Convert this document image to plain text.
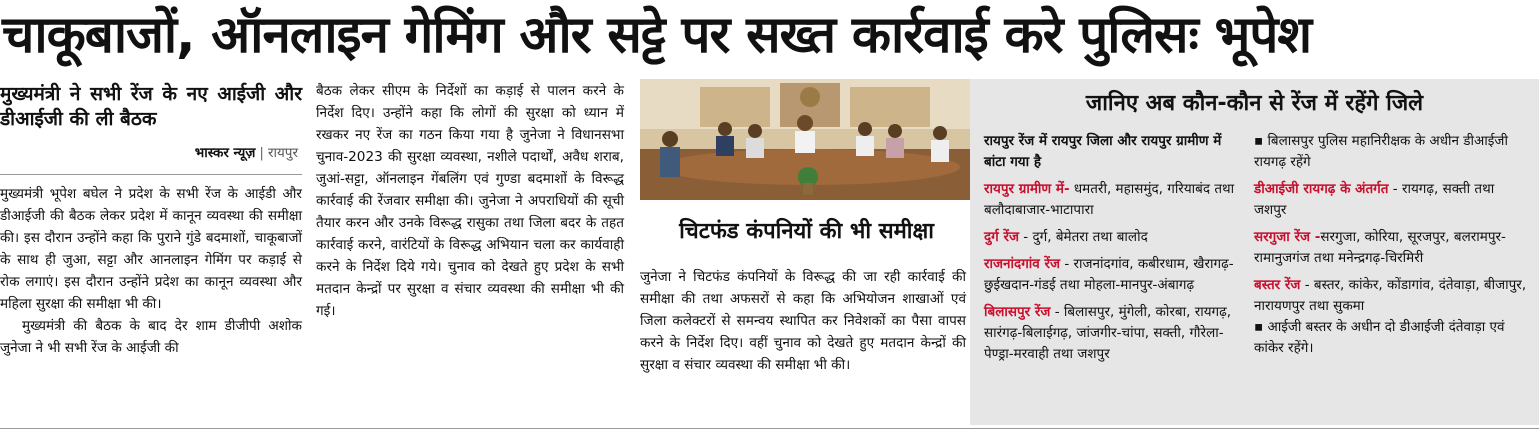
चाकूबाजों, ऑनलाइन गेमिंग और सट्टे पर सख्त कार्रवाई करे पुलिसः भूपेश
मुख्यमंत्री ने सभी रेंज के नए आईजी और डीआईजी की ली बैठक
भास्कर न्यूज़ | रायपुर
मुख्यमंत्री भूपेश बघेल ने प्रदेश के सभी रेंज के आईडी और डीआईजी की बैठक लेकर प्रदेश में कानून व्यवस्था की समीक्षा की। इस दौरान उन्होंने कहा कि पुराने गुंडे बदमाशों, चाकूबाजों के साथ ही जुआ, सट्टा और आनलाइन गेमिंग पर कड़ाई से रोक लगाएं। इस दौरान उन्होंने प्रदेश का कानून व्यवस्था और महिला सुरक्षा की समीक्षा भी की।
मुख्यमंत्री की बैठक के बाद देर शाम डीजीपी अशोक जुनेजा ने भी सभी रेंज के आईजी की
बैठक लेकर सीएम के निर्देशों का कड़ाई से पालन करने के निर्देश दिए। उन्होंने कहा कि लोगों की सुरक्षा को ध्यान में रखकर नए रेंज का गठन किया गया है जुनेजा ने विधानसभा चुनाव-2023 की सुरक्षा व्यवस्था, नशीले पदार्थों, अवैध शराब, जुआं-सट्टा, ऑनलाइन गेंबलिंग एवं गुण्डा बदमाशों के विरूद्ध कार्रवाई की रेंजवार समीक्षा की। जुनेजा ने अपराधियों की सूची तैयार करन और उनके विरूद्ध रासुका तथा जिला बदर के तहत कार्रवाई करने, वारंटियों के विरूद्ध अभियान चला कर कार्यवाही करने के निर्देश दिये गये। चुनाव को देखते हुए प्रदेश के सभी मतदान केन्द्रों पर सुरक्षा व संचार व्यवस्था की समीक्षा भी की गई।
चिटफंड कंपनियों की भी समीक्षा
जुनेजा ने चिटफंड कंपनियों के विरूद्ध की जा रही कार्रवाई की समीक्षा की तथा अफसरों से कहा कि अभियोजन शाखाओं एवं जिला कलेक्टरों से समन्वय स्थापित कर निवेशकों का पैसा वापस करने के निर्देश दिए। वहीं चुनाव को देखते हुए मतदान केन्द्रों की सुरक्षा व संचार व्यवस्था की समीक्षा भी की।
जानिए अब कौन-कौन से रेंज में रहेंगे जिले
रायपुर रेंज में रायपुर जिला और रायपुर ग्रामीण में बांटा गया है
रायपुर ग्रामीण में- धमतरी, महासमुंद, गरियाबंद तथा बलौदाबाजार-भाटापारा
दुर्ग रेंज - दुर्ग, बेमेतरा तथा बालोद
राजनांदगांव रेंज - राजनांदगांव, कबीरधाम, खैरागढ़-छुईखदान-गंडई तथा मोहला-मानपुर-अंबागढ़
बिलासपुर रेंज - बिलासपुर, मुंगेली, कोरबा, रायगढ़, सारंगढ़-बिलाईगढ़, जांजगीर-चांपा, सक्ती, गौरेला-पेण्ड्रा-मरवाही तथा जशपुर
▪ बिलासपुर पुलिस महानिरीक्षक के अधीन डीआईजी रायगढ़ रहेंगे
डीआईजी रायगढ़ के अंतर्गत - रायगढ़, सक्ती तथा जशपुर
सरगुजा रेंज -सरगुजा, कोरिया, सूरजपुर, बलरामपुर-रामानुजगंज तथा मनेन्द्रगढ़-चिरमिरी
बस्तर रेंज - बस्तर, कांकेर, कोंडागांव, दंतेवाड़ा, बीजापुर, नारायणपुर तथा सुकमा
▪ आईजी बस्तर के अधीन दो डीआईजी दंतेवाड़ा एवं कांकेर रहेंगे।
